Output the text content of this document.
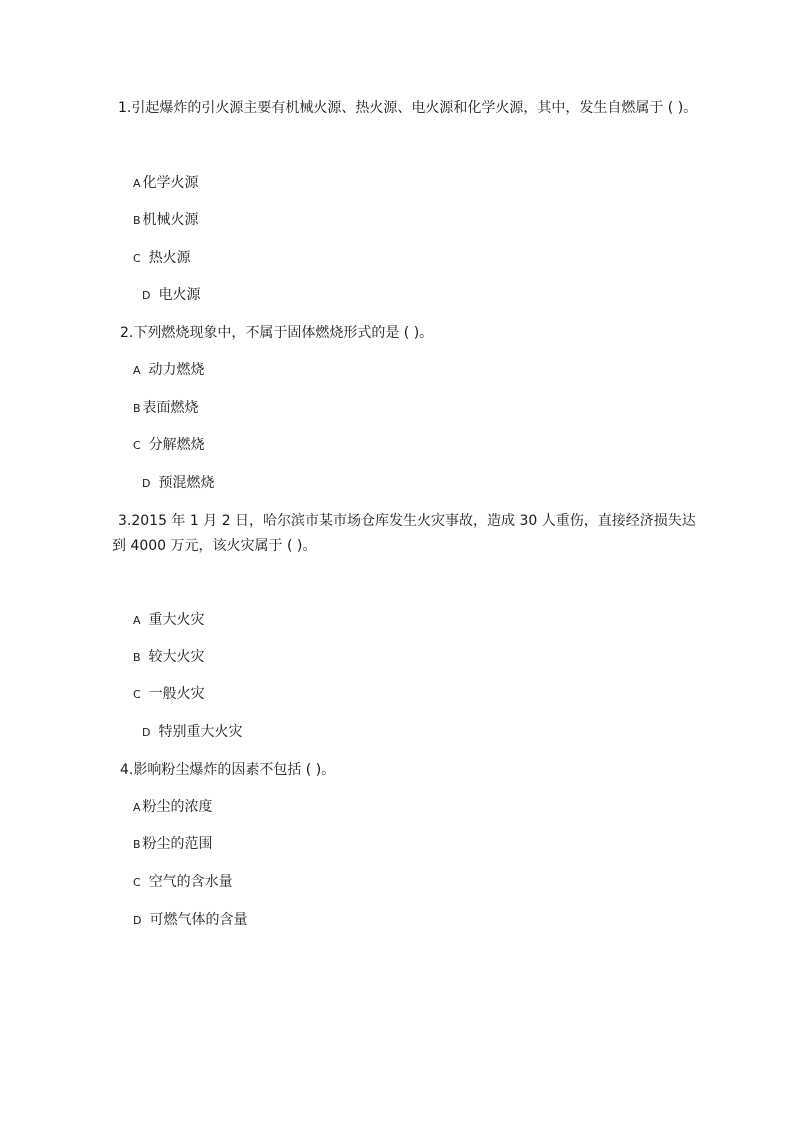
1.引起爆炸的引火源主要有机械火源、热火源、电火源和化学火源，其中，发生自燃属于 ( )。
A 化学火源
B 机械火源
C 热火源
D 电火源
2.下列燃烧现象中，不属于固体燃烧形式的是 ( )。
A 动力燃烧
B 表面燃烧
C 分解燃烧
D 预混燃烧
3.2015 年 1 月 2 日，哈尔滨市某市场仓库发生火灾事故，造成 30 人重伤，直接经济损失达
到 4000 万元，该火灾属于 ( )。
A 重大火灾
B 较大火灾
C 一般火灾
D 特别重大火灾
4.影响粉尘爆炸的因素不包括 ( )。
A 粉尘的浓度
B 粉尘的范围
C 空气的含水量
D 可燃气体的含量
